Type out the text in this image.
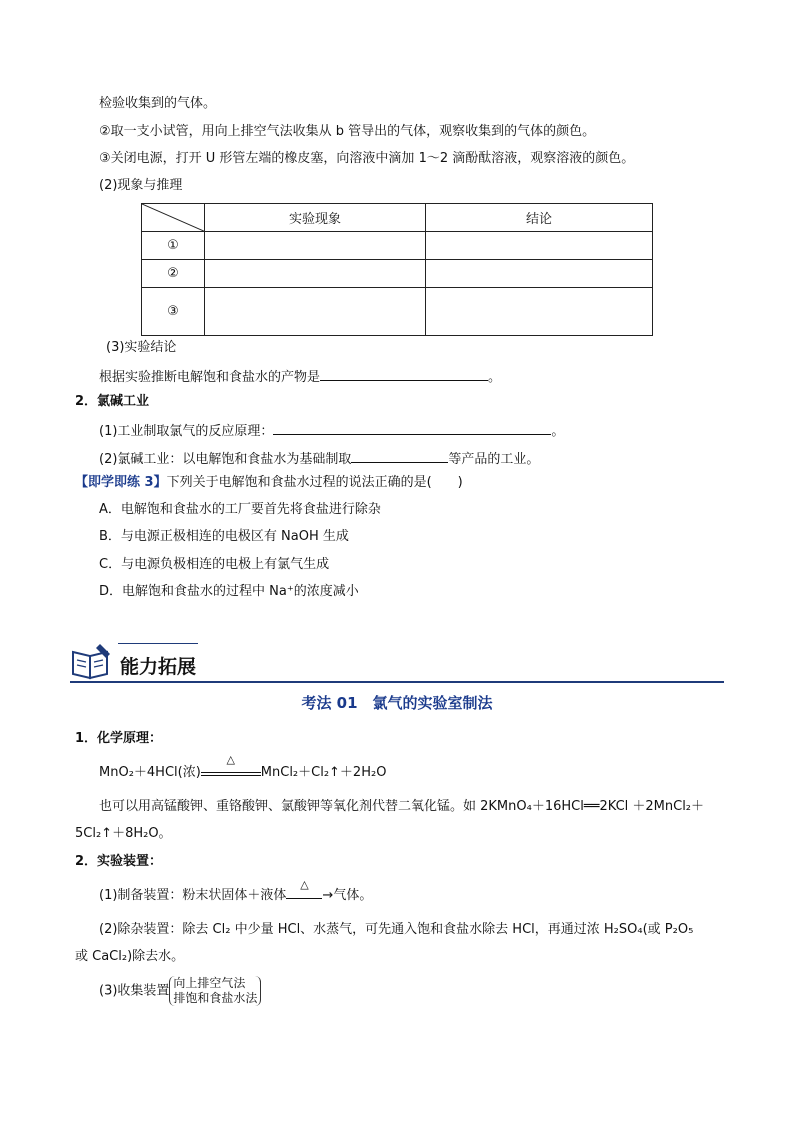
检验收集到的气体。
②取一支小试管，用向上排空气法收集从 b 管导出的气体，观察收集到的气体的颜色。
③关闭电源，打开 U 形管左端的橡皮塞，向溶液中滴加 1～2 滴酚酞溶液，观察溶液的颜色。
(2)现象与推理
	实验现象	结论
①		
②		
③		
(3)实验结论
根据实验推断电解饱和食盐水的产物是	。
2．氯碱工业
(1)工业制取氯气的反应原理：	。
(2)氯碱工业：以电解饱和食盐水为基础制取	等产品的工业。
【即学即练 3】下列关于电解饱和食盐水过程的说法正确的是(　　)
A．电解饱和食盐水的工厂要首先将食盐进行除杂
B．与电源正极相连的电极区有 NaOH 生成
C．与电源负极相连的电极上有氯气生成
D．电解饱和食盐水的过程中 Na⁺的浓度减小
能力拓展
考法 01　氯气的实验室制法
1．化学原理：
MnO₂＋4HCl(浓)
△
MnCl₂＋Cl₂↑＋2H₂O
也可以用高锰酸钾、重铬酸钾、氯酸钾等氧化剂代替二氧化锰。如 2KMnO₄＋16HCl══2KCl ＋2MnCl₂＋
5Cl₂↑＋8H₂O。
2．实验装置：
(1)制备装置：粉末状固体＋液体
△
→气体。
(2)除杂装置：除去 Cl₂ 中少量 HCl、水蒸气，可先通入饱和食盐水除去 HCl，再通过浓 H₂SO₄(或 P₂O₅
或 CaCl₂)除去水。
(3)收集装置
向上排空气法
排饱和食盐水法
